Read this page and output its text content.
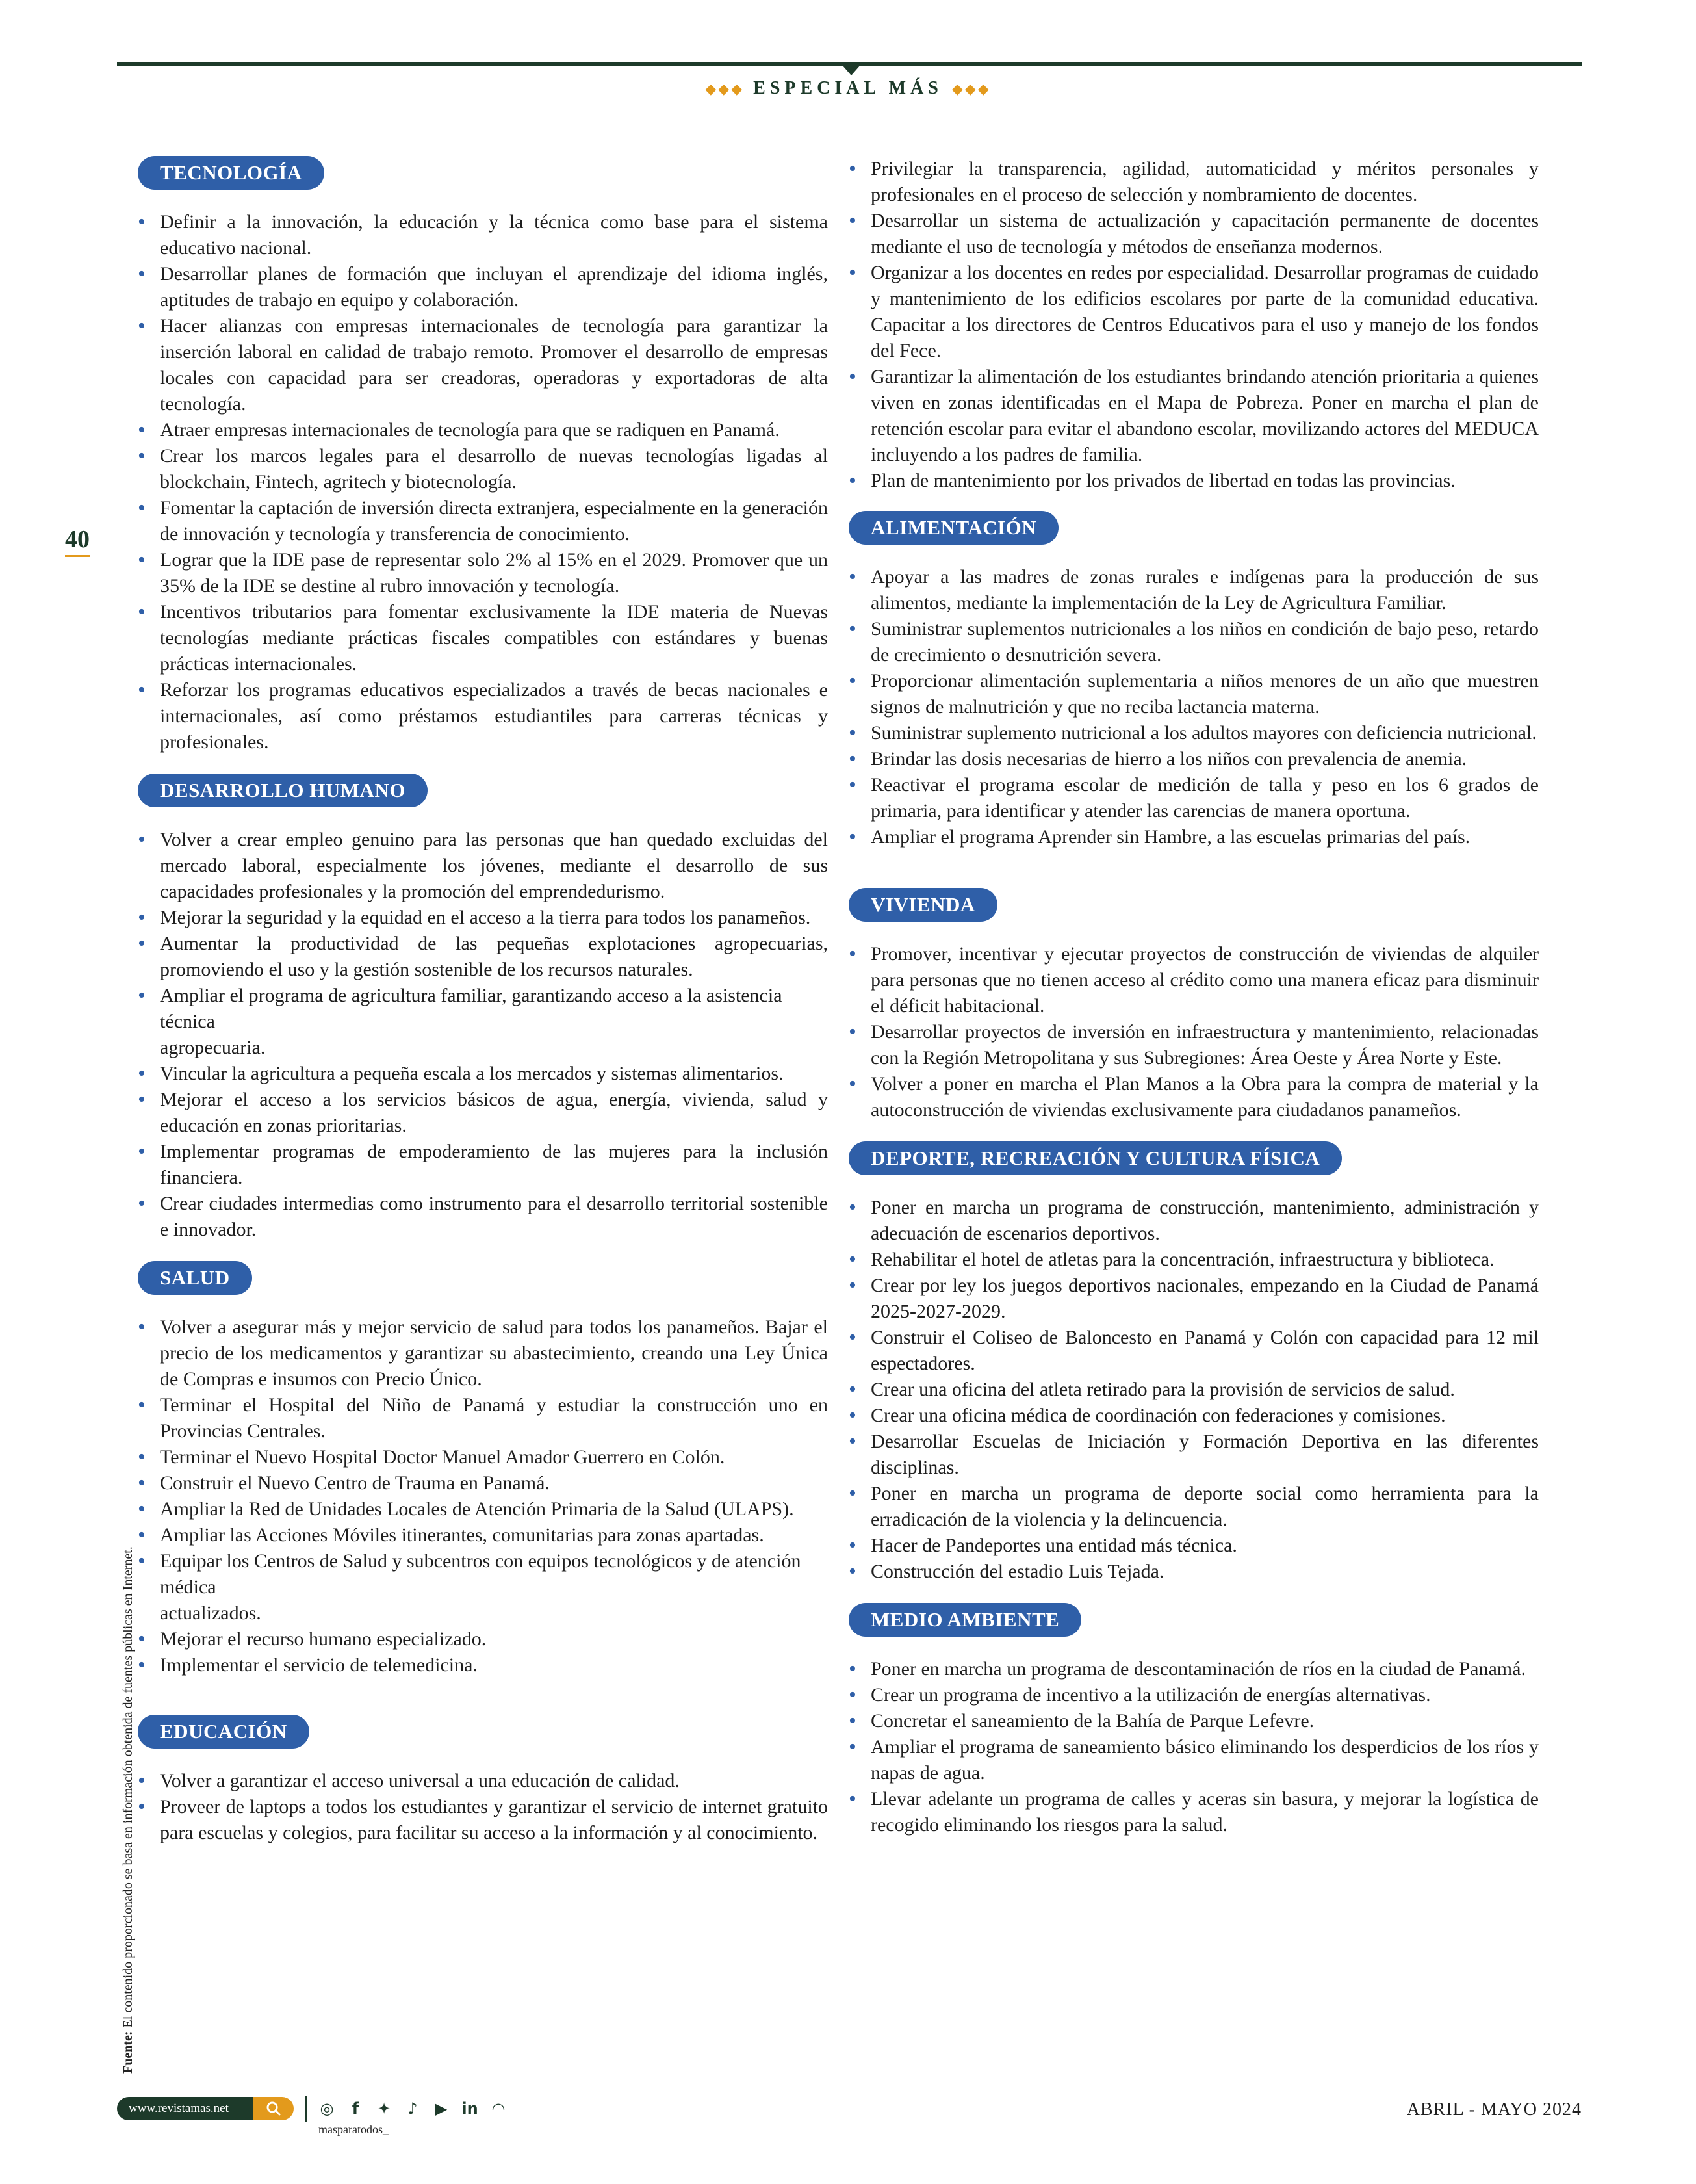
◆◆◆ ESPECIAL MÁS ◆◆◆
40
Fuente: El contenido proporcionado se basa en información obtenida de fuentes públicas en Internet.
TECNOLOGÍA
• Definir a la innovación, la educación y la técnica como base para el sistema educativo nacional.
• Desarrollar planes de formación que incluyan el aprendizaje del idioma inglés, aptitudes de trabajo en equipo y colaboración.
• Hacer alianzas con empresas internacionales de tecnología para garantizar la inserción laboral en calidad de trabajo remoto. Promover el desarrollo de empresas locales con capacidad para ser creadoras, operadoras y exportadoras de alta tecnología.
• Atraer empresas internacionales de tecnología para que se radiquen en Panamá.
• Crear los marcos legales para el desarrollo de nuevas tecnologías ligadas al blockchain, Fintech, agritech y biotecnología.
• Fomentar la captación de inversión directa extranjera, especialmente en la generación de innovación y tecnología y transferencia de conocimiento.
• Lograr que la IDE pase de representar solo 2% al 15% en el 2029. Promover que un 35% de la IDE se destine al rubro innovación y tecnología.
• Incentivos tributarios para fomentar exclusivamente la IDE materia de Nuevas tecnologías mediante prácticas fiscales compatibles con estándares y buenas prácticas internacionales.
• Reforzar los programas educativos especializados a través de becas nacionales e internacionales, así como préstamos estudiantiles para carreras técnicas y profesionales.
DESARROLLO HUMANO
• Volver a crear empleo genuino para las personas que han quedado excluidas del mercado laboral, especialmente los jóvenes, mediante el desarrollo de sus capacidades profesionales y la promoción del emprendedurismo.
• Mejorar la seguridad y la equidad en el acceso a la tierra para todos los panameños.
• Aumentar la productividad de las pequeñas explotaciones agropecuarias, promoviendo el uso y la gestión sostenible de los recursos naturales.
• Ampliar el programa de agricultura familiar, garantizando acceso a la asistencia técnica
agropecuaria.
• Vincular la agricultura a pequeña escala a los mercados y sistemas alimentarios.
• Mejorar el acceso a los servicios básicos de agua, energía, vivienda, salud y educación en zonas prioritarias.
• Implementar programas de empoderamiento de las mujeres para la inclusión financiera.
• Crear ciudades intermedias como instrumento para el desarrollo territorial sostenible e innovador.
SALUD
• Volver a asegurar más y mejor servicio de salud para todos los panameños. Bajar el precio de los medicamentos y garantizar su abastecimiento, creando una Ley Única de Compras e insumos con Precio Único.
• Terminar el Hospital del Niño de Panamá y estudiar la construcción uno en Provincias Centrales.
• Terminar el Nuevo Hospital Doctor Manuel Amador Guerrero en Colón.
• Construir el Nuevo Centro de Trauma en Panamá.
• Ampliar la Red de Unidades Locales de Atención Primaria de la Salud (ULAPS).
• Ampliar las Acciones Móviles itinerantes, comunitarias para zonas apartadas.
• Equipar los Centros de Salud y subcentros con equipos tecnológicos y de atención médica
actualizados.
• Mejorar el recurso humano especializado.
• Implementar el servicio de telemedicina.
EDUCACIÓN
• Volver a garantizar el acceso universal a una educación de calidad.
• Proveer de laptops a todos los estudiantes y garantizar el servicio de internet gratuito para escuelas y colegios, para facilitar su acceso a la información y al conocimiento.
• Privilegiar la transparencia, agilidad, automaticidad y méritos personales y profesionales en el proceso de selección y nombramiento de docentes.
• Desarrollar un sistema de actualización y capacitación permanente de docentes mediante el uso de tecnología y métodos de enseñanza modernos.
• Organizar a los docentes en redes por especialidad. Desarrollar programas de cuidado y mantenimiento de los edificios escolares por parte de la comunidad educativa. Capacitar a los directores de Centros Educativos para el uso y manejo de los fondos del Fece.
• Garantizar la alimentación de los estudiantes brindando atención prioritaria a quienes viven en zonas identificadas en el Mapa de Pobreza. Poner en marcha el plan de retención escolar para evitar el abandono escolar, movilizando actores del MEDUCA incluyendo a los padres de familia.
• Plan de mantenimiento por los privados de libertad en todas las provincias.
ALIMENTACIÓN
• Apoyar a las madres de zonas rurales e indígenas para la producción de sus alimentos, mediante la implementación de la Ley de Agricultura Familiar.
• Suministrar suplementos nutricionales a los niños en condición de bajo peso, retardo de crecimiento o desnutrición severa.
• Proporcionar alimentación suplementaria a niños menores de un año que muestren signos de malnutrición y que no reciba lactancia materna.
• Suministrar suplemento nutricional a los adultos mayores con deficiencia nutricional.
• Brindar las dosis necesarias de hierro a los niños con prevalencia de anemia.
• Reactivar el programa escolar de medición de talla y peso en los 6 grados de primaria, para identificar y atender las carencias de manera oportuna.
• Ampliar el programa Aprender sin Hambre, a las escuelas primarias del país.
VIVIENDA
• Promover, incentivar y ejecutar proyectos de construcción de viviendas de alquiler para personas que no tienen acceso al crédito como una manera eficaz para disminuir el déficit habitacional.
• Desarrollar proyectos de inversión en infraestructura y mantenimiento, relacionadas con la Región Metropolitana y sus Subregiones: Área Oeste y Área Norte y Este.
• Volver a poner en marcha el Plan Manos a la Obra para la compra de material y la autoconstrucción de viviendas exclusivamente para ciudadanos panameños.
DEPORTE, RECREACIÓN Y CULTURA FÍSICA
• Poner en marcha un programa de construcción, mantenimiento, administración y adecuación de escenarios deportivos.
• Rehabilitar el hotel de atletas para la concentración, infraestructura y biblioteca.
• Crear por ley los juegos deportivos nacionales, empezando en la Ciudad de Panamá 2025-2027-2029.
• Construir el Coliseo de Baloncesto en Panamá y Colón con capacidad para 12 mil espectadores.
• Crear una oficina del atleta retirado para la provisión de servicios de salud.
• Crear una oficina médica de coordinación con federaciones y comisiones.
• Desarrollar Escuelas de Iniciación y Formación Deportiva en las diferentes disciplinas.
• Poner en marcha un programa de deporte social como herramienta para la erradicación de la violencia y la delincuencia.
• Hacer de Pandeportes una entidad más técnica.
• Construcción del estadio Luis Tejada.
MEDIO AMBIENTE
• Poner en marcha un programa de descontaminación de ríos en la ciudad de Panamá.
• Crear un programa de incentivo a la utilización de energías alternativas.
• Concretar el saneamiento de la Bahía de Parque Lefevre.
• Ampliar el programa de saneamiento básico eliminando los desperdicios de los ríos y napas de agua.
• Llevar adelante un programa de calles y aceras sin basura, y mejorar la logística de recogido eliminando los riesgos para la salud.
www.revistamas.net	◎	f	✦	♪	▶ in ◠
masparatodos_
ABRIL - MAYO 2024
